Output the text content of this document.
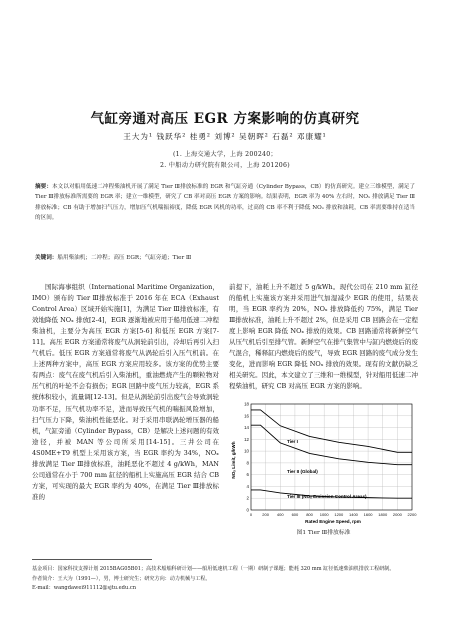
气缸旁通对高压 EGR 方案影响的仿真研究
王大为¹ 钱跃华² 桂勇² 刘博² 吴朝晖² 石磊² 邓康耀¹
(1. 上海交通大学，上海 200240；
2. 中船动力研究院有限公司，上海 201206)
摘要：本文以对船用低速二冲程柴油机开展了满足 Tier Ⅲ排放标准的 EGR 和气缸旁通（Cylinder Bypass，CB）的仿真研究。建立三维模型，满足了 Tier Ⅲ排放标准所需要的 EGR 率；建立一维模型，研究了 CB 率对高压 EGR 方案的影响。结果表明，EGR 率为 40% 左右时，NOₓ 排放满足 Tier Ⅲ排放标准；CB 有助于增加扫气压力，增加压气机喘振裕度，降低 EGR 风机的功率，过高的 CB 率不利于降低 NOₓ 排放和油耗，CB 率需要维持在适当的区间。
关键词：船用柴油机；二冲程；高压 EGR；气缸旁通；Tier Ⅲ

国际海事组织（International Maritime Organization，IMO）颁布的 Tier Ⅲ排放标准于 2016 年在 ECA（Exhaust Control Area）区域开始实施[1]，为满足 Tier Ⅲ排放标准，有效地降低 NOₓ 排放[2-4]，EGR 逐渐地被应用于船用低速二冲程柴油机，主要分为高压 EGR 方案[5-6] 和低压 EGR 方案[7-11]。高压 EGR 方案通常将废气从涡轮前引出，冷却后再引入扫气机后。低压 EGR 方案通常将废气从涡轮后引入压气机前。在上述两种方案中，高压 EGR 方案应用较多。该方案的优势主要有两点：废气在废气机后引入柴油机，重油燃烧产生的颗粒物对压气机的叶轮不会有损伤；EGR 回路中废气压力较高，EGR 系统体积较小，流量调[12-13]。但是从涡轮前引出废气会导致涡轮功率不足，压气机功率不足，进而导致压气机的喘振风险增加，扫气压力下降，柴油机性能恶化。对于采用串联涡轮增压器的船机，气缸旁通（Cylinder Bypass，CB）是解决上述问题的有效途径，并被 MAN 等公司所采用[14-15]。三井公司在 4S0ME+T9 机型上采用该方案，当 EGR 率约为 34%，NOₓ 排放满足 Tier Ⅲ排放标准，油耗恶化不超过 4 g/kWh，MAN 公司通常在小于 700 mm 缸径的船机上实施高压 EGR 结合 CB 方案，可实现的最大 EGR 率约为 40%，在满足 Tier Ⅲ排放标准的

前提下，油耗上升不超过 5 g/kWh。现代公司在 210 mm 缸径的船机上实施该方案并采用进气加湿减少 EGR 的使用，结果表明，当 EGR 率约为 20%，NOₓ 排放降低约 75%，满足 Tier Ⅲ排放标准，油耗上升不超过 2%，但是采用 CB 回路会在一定程度上影响 EGR 降低 NOₓ 排放的效果。CB 回路通常将新鲜空气从压气机后引至排气管。新鲜空气在排气集管中与缸内燃烧后的废气混合，稀释缸内燃烧后的废气，导致 EGR 回路的废气成分发生变化，进而影响 EGR 降低 NOₓ 排放的效果。现有的文献仍缺乏相关研究。因此，本文建立了三维和一维模型，针对船用低速二冲程柴油机，研究 CB 对高压 EGR 方案的影响。

0
2
4
6
8
10
12
14
16
18
0	200 400 600 800 1000 1200 1400 1600 1800 2000 2200
NOₓ Limit, g/kWh
Rated Engine Speed, rpm
Tier I
Tier II (Global)
Tier III (NOₓ Emission Control Areas)
图1 Tier Ⅲ排放标准
基金项目：国家科技支撑计划 2015BAG05B01；高技术船舶科研计划——船用低速机工程（一期）研制子课题；能耗 320 mm 缸径低速柴油机排放工程研制。
作者简介：王大为（1991—），男，博士研究生；研究方向：动力机械与工程。
E-mail：wangdawei911112@sjtu.edu.cn
